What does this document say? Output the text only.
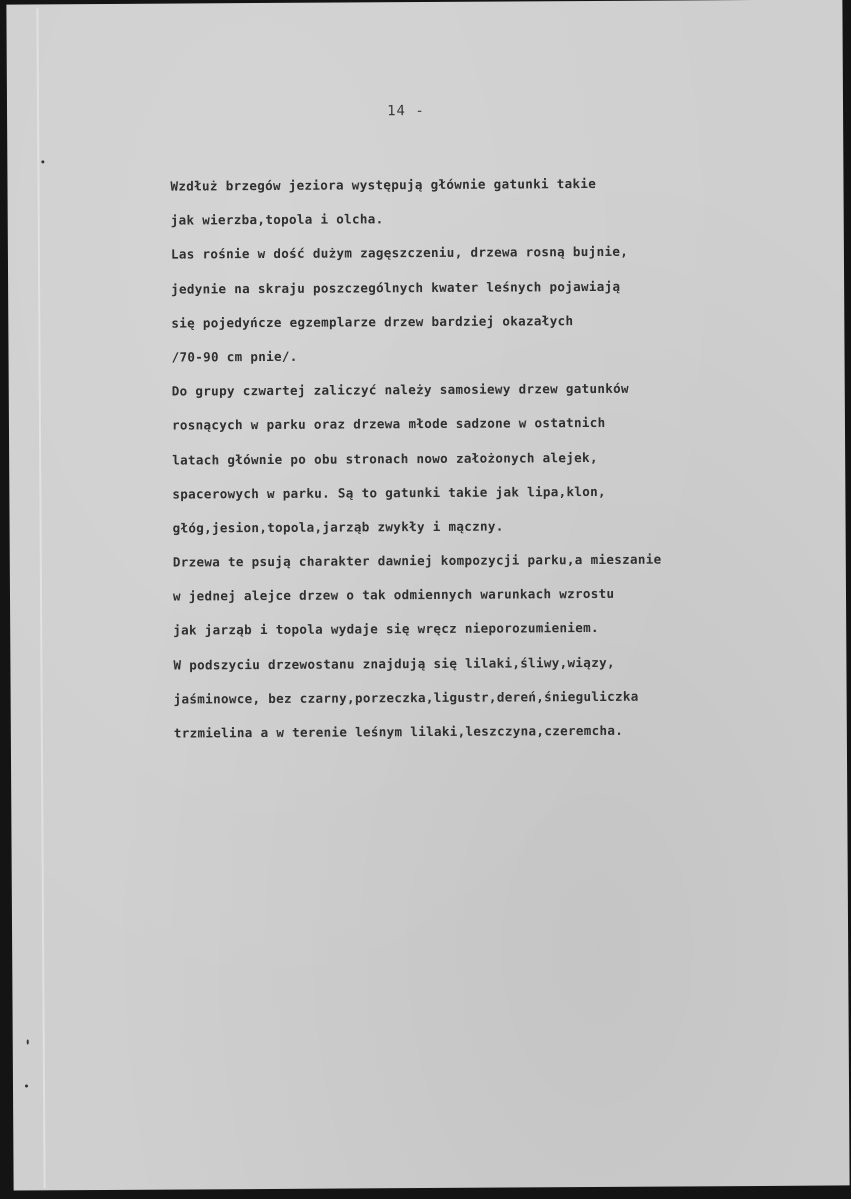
14 -
Wzdłuż brzegów jeziora występują głównie gatunki takie
jak wierzba,topola i olcha.
Las rośnie w dość dużym zagęszczeniu, drzewa rosną bujnie,
jedynie na skraju poszczególnych kwater leśnych pojawiają
się pojedyńcze egzemplarze drzew bardziej okazałych
/70-90 cm pnie/.
Do grupy czwartej zaliczyć należy samosiewy drzew gatunków
rosnących w parku oraz drzewa młode sadzone w ostatnich
latach głównie po obu stronach nowo założonych alejek,
spacerowych w parku. Są to gatunki takie jak lipa,klon,
głóg,jesion,topola,jarząb zwykły i mączny.
Drzewa te psują charakter dawniej kompozycji parku,a mieszanie
w jednej alejce drzew o tak odmiennych warunkach wzrostu
jak jarząb i topola wydaje się wręcz nieporozumieniem.
W podszyciu drzewostanu znajdują się lilaki,śliwy,wiązy,
jaśminowce, bez czarny,porzeczka,ligustr,dereń,śnieguliczka
trzmielina a w terenie leśnym lilaki,leszczyna,czeremcha.
